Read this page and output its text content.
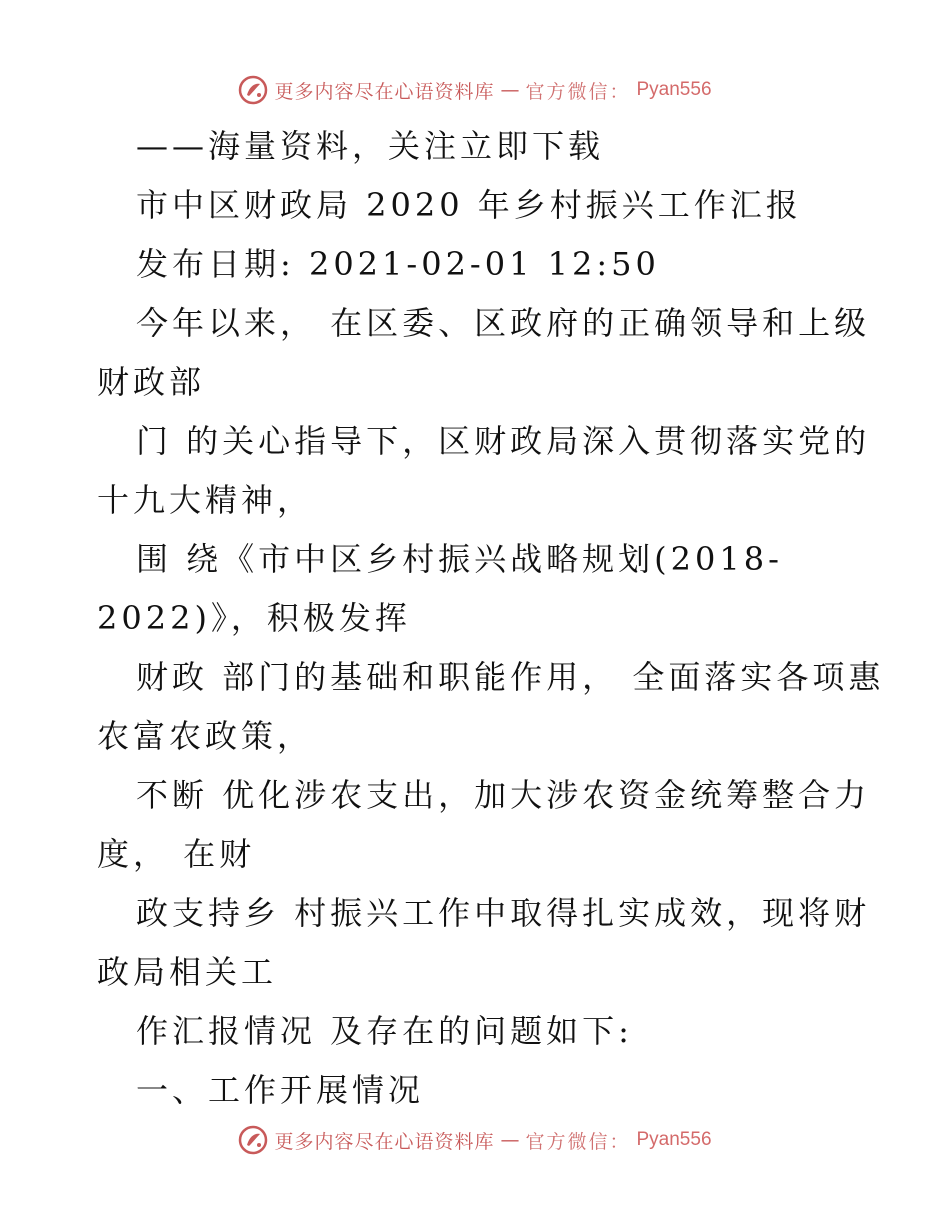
更多内容尽在心语资料库 — 官方微信： Pyan556
——海量资料，关注立即下载
市中区财政局 2020 年乡村振兴工作汇报
发布日期: 2021-02-01 12:50
今年以来， 在区委、区政府的正确领导和上级
财政部
门 的关心指导下，区财政局深入贯彻落实党的
十九大精神，
围 绕《市中区乡村振兴战略规划(2018-
2022)》，积极发挥
财政 部门的基础和职能作用， 全面落实各项惠
农富农政策，
不断 优化涉农支出，加大涉农资金统筹整合力
度， 在财
政支持乡 村振兴工作中取得扎实成效，现将财
政局相关工
作汇报情况 及存在的问题如下:
一、工作开展情况
更多内容尽在心语资料库 — 官方微信： Pyan556
